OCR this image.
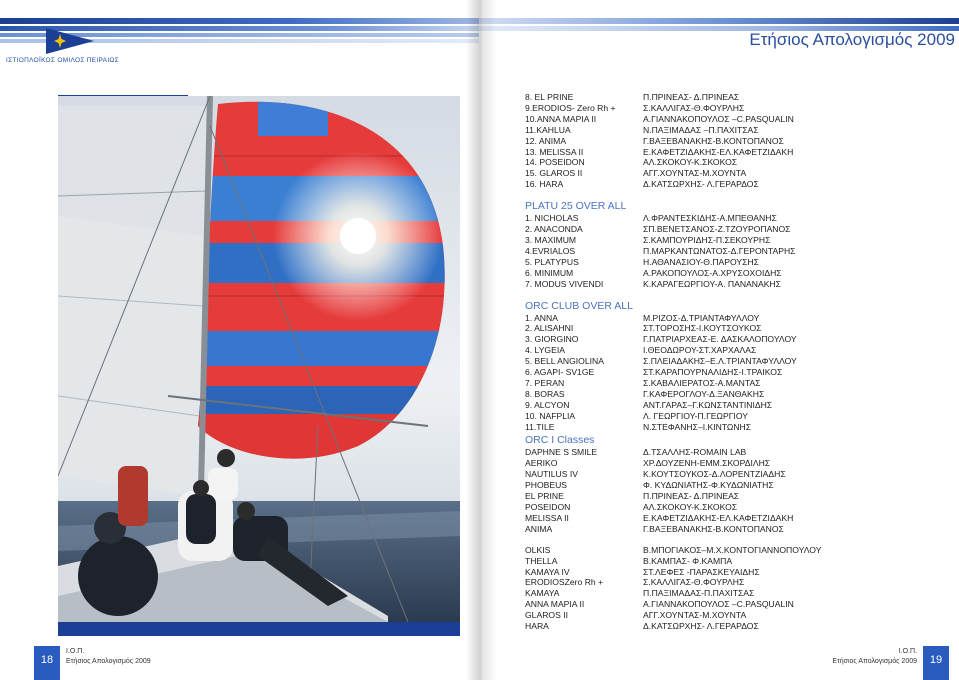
ΙΣΤΙΟΠΛΟΪΚΟΣ ΟΜΙΛΟΣ ΠΕΙΡΑΙΩΣ
18
Ι.Ο.Π.
Ετήσιος Απολογισμός 2009
Ετήσιος Απολογισμός 2009
8. EL PRINE	Π.ΠΡΙΝΕΑΣ- Δ.ΠΡΙΝΕΑΣ
9.ERODIOS- Zero Rh +	Σ.ΚΑΛΛΙΓΑΣ-Θ.ΦΟΥΡΛΗΣ
10.ANNA MAPIA II	Α.ΓΙΑΝΝΑΚΟΠΟΥΛΟΣ –C.PASQUALIN
11.KAHLUA	Ν.ΠΑΞΙΜΑΔΑΣ –Π.ΠΑΧΙΤΣΑΣ
12. ANIMA	Γ.ΒΑΞΕΒΑΝΑΚΗΣ-Β.ΚΟΝΤΟΠΑΝΟΣ
13. MELISSA II	Ε.ΚΑΦΕΤΖΙΔΑΚΗΣ-ΕΛ.ΚΑΦΕΤΖΙΔΑΚΗ
14. POSEIDON	ΑΛ.ΣΚΟΚΟΥ-Κ.ΣΚΟΚΟΣ
15. GLAROS II	ΑΓΓ.ΧΟΥΝΤΑΣ-Μ.ΧΟΥΝΤΑ
16. HARA	Δ.ΚΑΤΣΩΡΧΗΣ- Λ.ΓΕΡΑΡΔΟΣ
PLATU 25 OVER ALL
1. NICHOLAS	Λ.ΦΡΑΝΤΕΣΚΙΔΗΣ-Α.ΜΠΕΘΑΝΗΣ
2. ANACONDA	ΣΠ.ΒΕΝΕΤΣΑΝΟΣ-Ζ.ΤΖΟΥΡΟΠΑΝΟΣ
3. MAXIMUM	Σ.ΚΑΜΠΟΥΡΙΔΗΣ-Π.ΣΕΚΟΥΡΗΣ
4.EVRIALOS	Π.ΜΑΡΚΑΝΤΩΝΑΤΟΣ-Δ.ΓΕΡΟΝΤΑΡΗΣ
5. PLATYPUS	Η.ΑΘΑΝΑΣΙΟΥ-Θ.ΠΑΡΟΥΣΗΣ
6. MINIMUM	Α.ΡΑΚΟΠΟΥΛΟΣ-Α.ΧΡΥΣΟΧΟΙΔΗΣ
7. MODUS VIVENDI	Κ.ΚΑΡΑΓΕΩΡΓΙΟΥ-Α. ΠΑΝΑΝΑΚΗΣ
ORC CLUB OVER ALL
1. ANNA	Μ.ΡΙΖΟΣ-Δ.ΤΡΙΑΝΤΑΦΥΛΛΟΥ
2. ALISAHNI	ΣΤ.ΤΟΡΟΣΗΣ-Ι.ΚΟΥΤΣΟΥΚΟΣ
3. GIORGINO	Γ.ΠΑΤΡΙΑΡΧΕΑΣ-Ε. ΔΑΣΚΑΛΟΠΟΥΛΟΥ
4. LYGEIA	Ι.ΘΕΟΔΩΡΟΥ-ΣΤ.ΧΑΡΧΑΛΑΣ
5. BELL ANGIOLINA	Σ.ΠΛΕΙΑΔΑΚΗΣ–Ε.Λ.ΤΡΙΑΝΤΑΦΥΛΛΟΥ
6. AGAPI- SV1GE	ΣΤ.ΚΑΡΑΠΟΥΡΝΑΛΙΔΗΣ-Ι.ΤΡΑΙΚΟΣ
7. PERAN	Σ.ΚΑΒΑΛΙΕΡΑΤΟΣ-Α.ΜΑΝΤΑΣ
8. BORAS	Γ.ΚΑΦΕΡΟΓΛΟΥ-Δ.ΞΑΝΘΑΚΗΣ
9. ALCYON	ΑΝΤ.ΓΑΡΑΣ–Γ.ΚΩΝΣΤΑΝΤΙΝΙΔΗΣ
10. NAFPLIA	Λ. ΓΕΩΡΓΙΟΥ-Π.ΓΕΩΡΓΙΟΥ
11.TILE	Ν.ΣΤΕΦΑΝΗΣ–Ι.ΚΙΝΤΩΝΗΣ
ORC I Classes
DAPHNE S SMILE	Δ.ΤΣΑΛΛΗΣ-ROMAIN LAB
AERIKO	ΧΡ.ΔΟΥΖΕΝΗ-ΕΜΜ.ΣΚΟΡΔΙΛΗΣ
NAUTILUS IV	Κ.ΚΟΥΤΣΟΥΚΟΣ-Δ.ΛΟΡΕΝΤΖΙΑΔΗΣ
PHOBEUS	Φ. ΚΥΔΩΝΙΑΤΗΣ-Φ.ΚΥΔΩΝΙΑΤΗΣ
EL PRINE	Π.ΠΡΙΝΕΑΣ- Δ.ΠΡΙΝΕΑΣ
POSEIDON	ΑΛ.ΣΚΟΚΟΥ-Κ.ΣΚΟΚΟΣ
MELISSA II	Ε.ΚΑΦΕΤΖΙΔΑΚΗΣ-ΕΛ.ΚΑΦΕΤΖΙΔΑΚΗ
ANIMA	Γ.ΒΑΞΕΒΑΝΑΚΗΣ-Β.ΚΟΝΤΟΠΑΝΟΣ
OLKIS	Β.ΜΠΟΓΙΑΚΟΣ–Μ.Χ.ΚΟΝΤΟΓΙΑΝΝΟΠΟΥΛΟΥ
THELLA	Β.ΚΑΜΠΑΣ- Φ.ΚΑΜΠΑ
KAMAYA IV	ΣΤ.ΛΕΦΕΣ -ΠΑΡΑΣΚΕΥΑΙΔΗΣ
ERODIOSZero Rh +	Σ.ΚΑΛΛΙΓΑΣ-Θ.ΦΟΥΡΛΗΣ
KAMAYA	Π.ΠΑΞΙΜΑΔΑΣ-Π.ΠΑΧΙΤΣΑΣ
ANNA MAPIA II	Α.ΓΙΑΝΝΑΚΟΠΟΥΛΟΣ –C.PASQUALIN
GLAROS II	ΑΓΓ.ΧΟΥΝΤΑΣ-Μ.ΧΟΥΝΤΑ
HARA	Δ.ΚΑΤΣΩΡΧΗΣ- Λ.ΓΕΡΑΡΔΟΣ
19
Ι.Ο.Π.
Ετήσιος Απολογισμός 2009
